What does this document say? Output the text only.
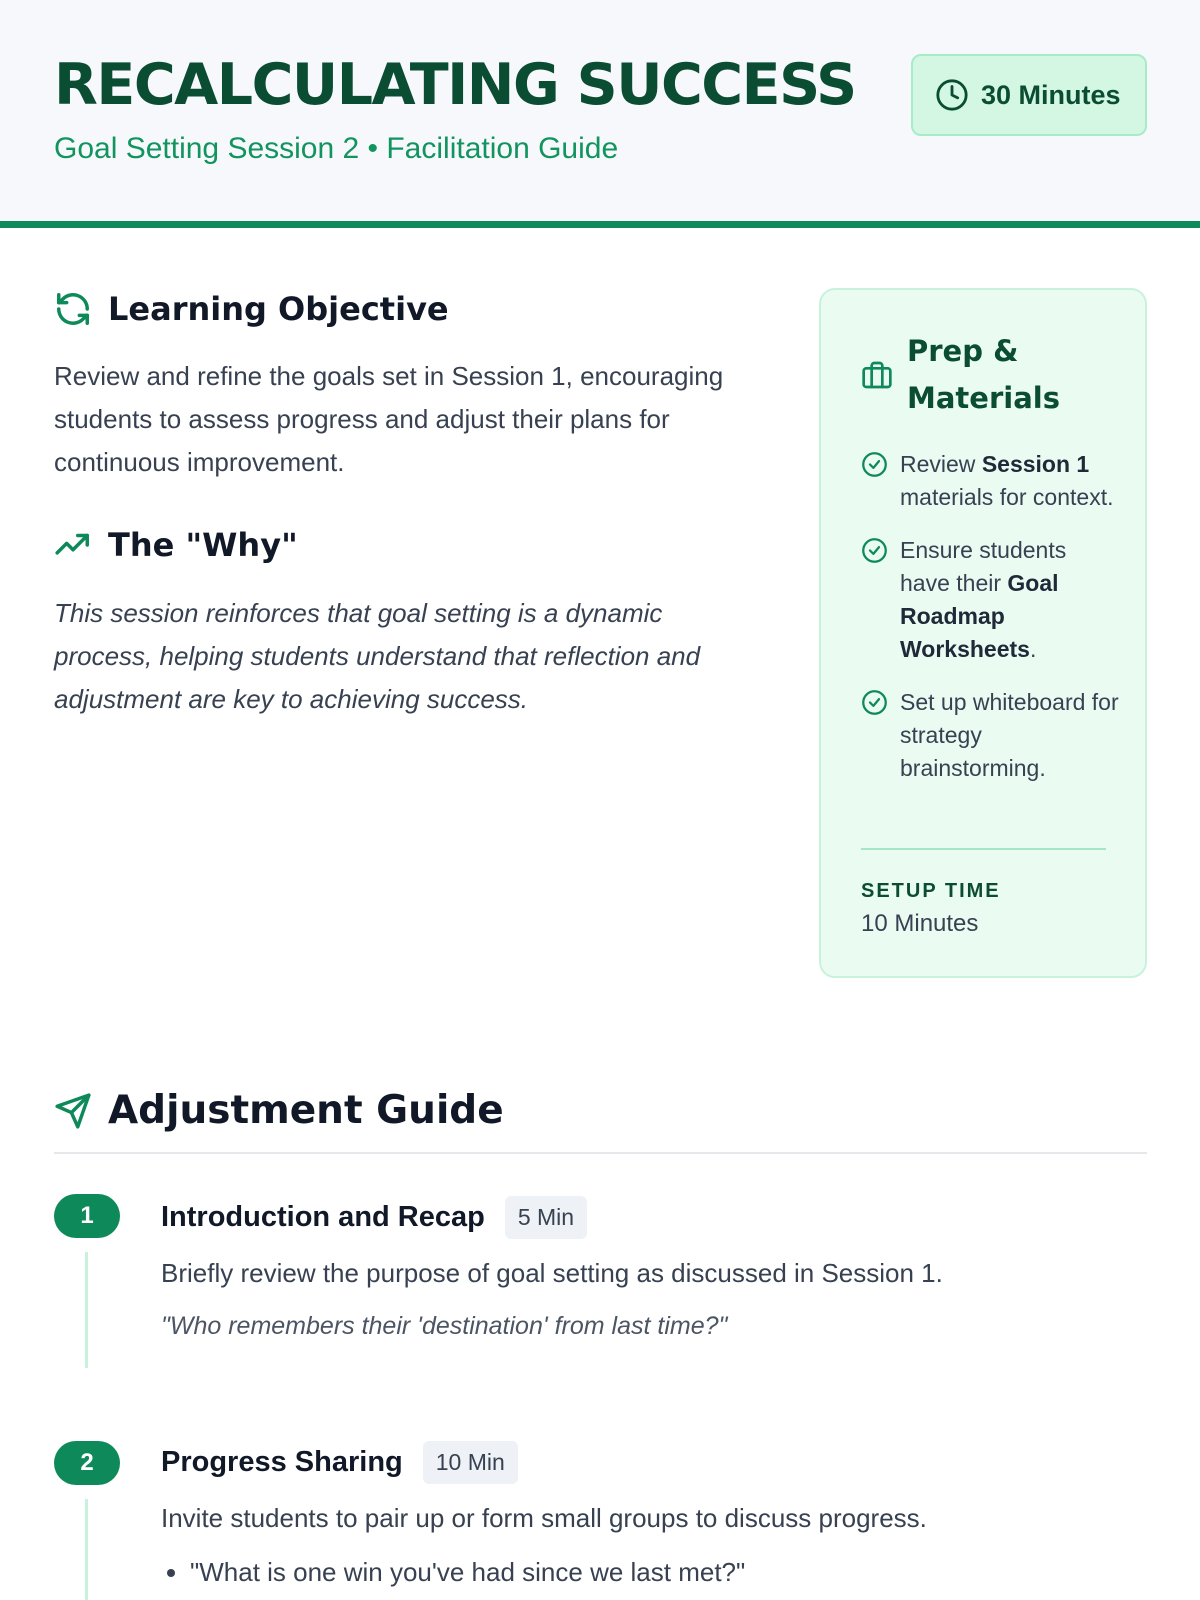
RECALCULATING SUCCESS
Goal Setting Session 2 • Facilitation Guide
30 Minutes
Learning Objective
Review and refine the goals set in Session 1, encouraging students to assess progress and adjust their plans for continuous improvement.
The "Why"
This session reinforces that goal setting is a dynamic process, helping students understand that reflection and adjustment are key to achieving success.
Prep &
Materials
Review Session 1 materials for context.
Ensure students have their Goal Roadmap Worksheets.
Set up whiteboard for strategy brainstorming.
SETUP TIME
10 Minutes
Adjustment Guide
1	Introduction and Recap	5 Min
Briefly review the purpose of goal setting as discussed in Session 1.
"Who remembers their 'destination' from last time?"
2	Progress Sharing	10 Min
Invite students to pair up or form small groups to discuss progress.
• "What is one win you've had since we last met?"
